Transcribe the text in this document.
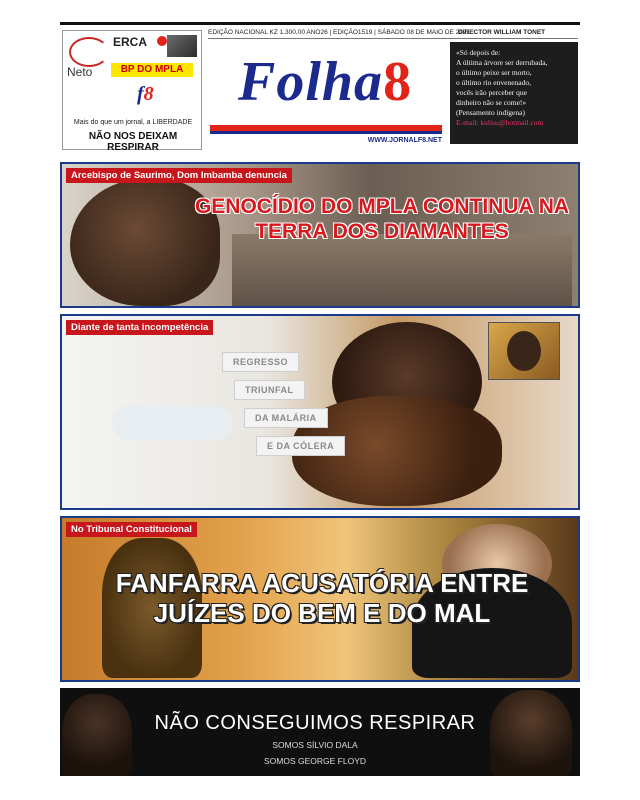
ERCA
Neto	BP DO MPLA
f8
Mais do que um jornal, a LIBERDADE
NÃO NOS DEIXAM RESPIRAR
EDIÇÃO NACIONAL KZ 1.300,00 ANO26 | EDIÇÃO1519 | SÁBADO 08 DE MAIO DE 2021
DIRECTOR WILLIAM TONET
Folha8
WWW.JORNALF8.NET
«Só depois de:
A última árvore ser derrubada,
o último peixe ser morto,
o último rio envenenado,
vocês irão perceber que
dinheiro não se come!»
(Pensamento indígena)
E-mail: kulisu@hotmail.com
Arcebispo de Saurimo, Dom Imbamba denuncia
GENOCÍDIO DO MPLA CONTINUA NA TERRA DOS DIAMANTES
Diante de tanta incompetência
REGRESSO
TRIUNFAL
DA MALÁRIA
E DA CÓLERA
No Tribunal Constitucional
FANFARRA ACUSATÓRIA ENTRE JUÍZES DO BEM E DO MAL
NÃO CONSEGUIMOS RESPIRAR
SOMOS SÍLVIO DALA
SOMOS GEORGE FLOYD
